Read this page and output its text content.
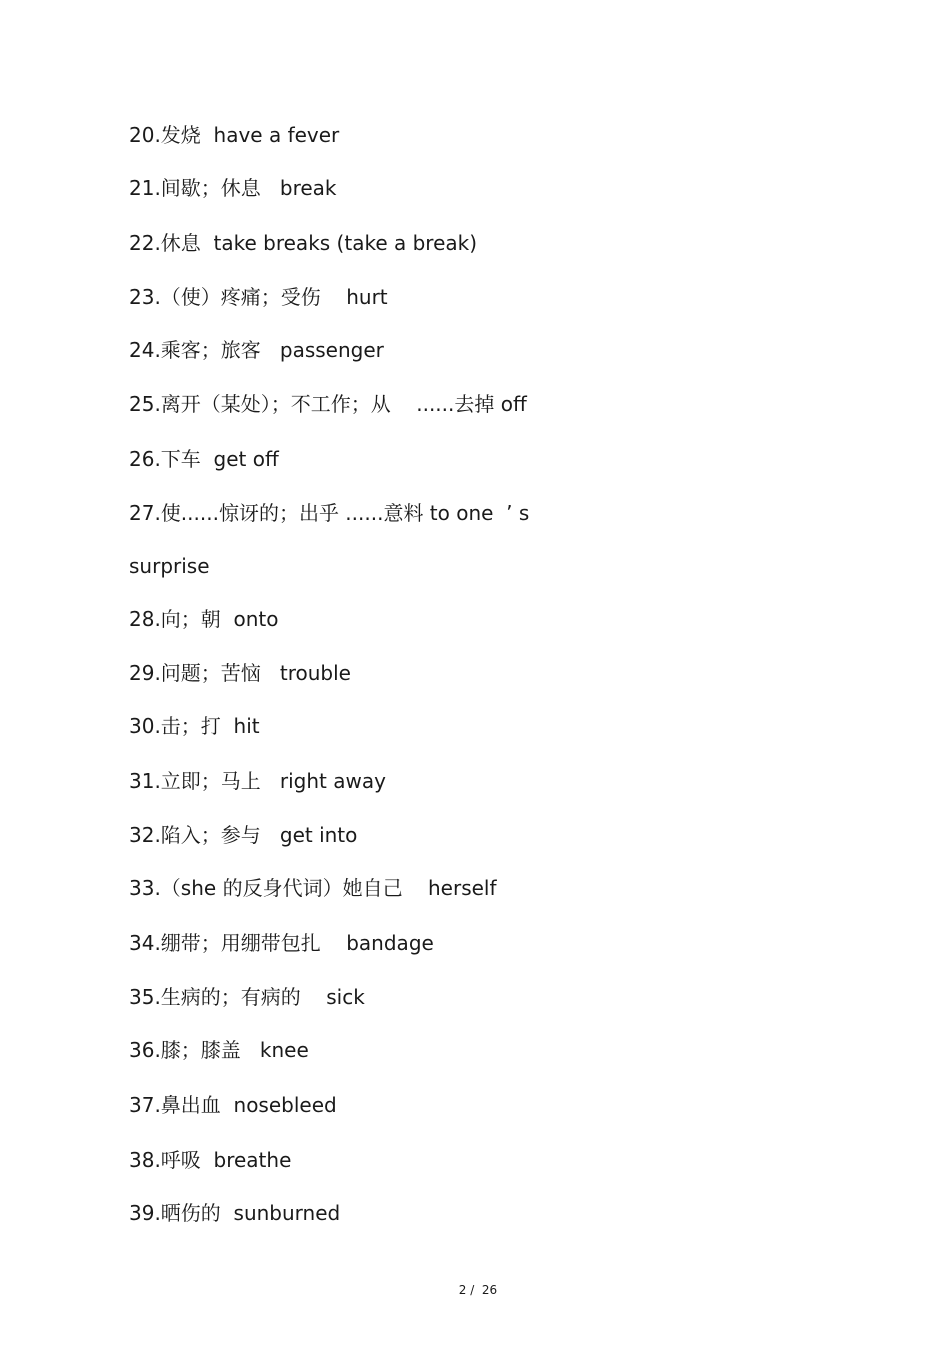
20.发烧  have a fever
21.间歇；休息   break
22.休息  take breaks (take a break)
23.（使）疼痛；受伤    hurt
24.乘客；旅客   passenger
25.离开（某处）；不工作；从    ......去掉 off
26.下车  get off
27.使......惊讶的；出乎 ......意料 to one  ’ s
surprise
28.向；朝  onto
29.问题；苦恼   trouble
30.击；打  hit
31.立即；马上   right away
32.陷入；参与   get into
33.（she 的反身代词）她自己    herself
34.绷带；用绷带包扎    bandage
35.生病的；有病的    sick
36.膝；膝盖   knee
37.鼻出血  nosebleed
38.呼吸  breathe
39.晒伤的  sunburned
2 /  26
